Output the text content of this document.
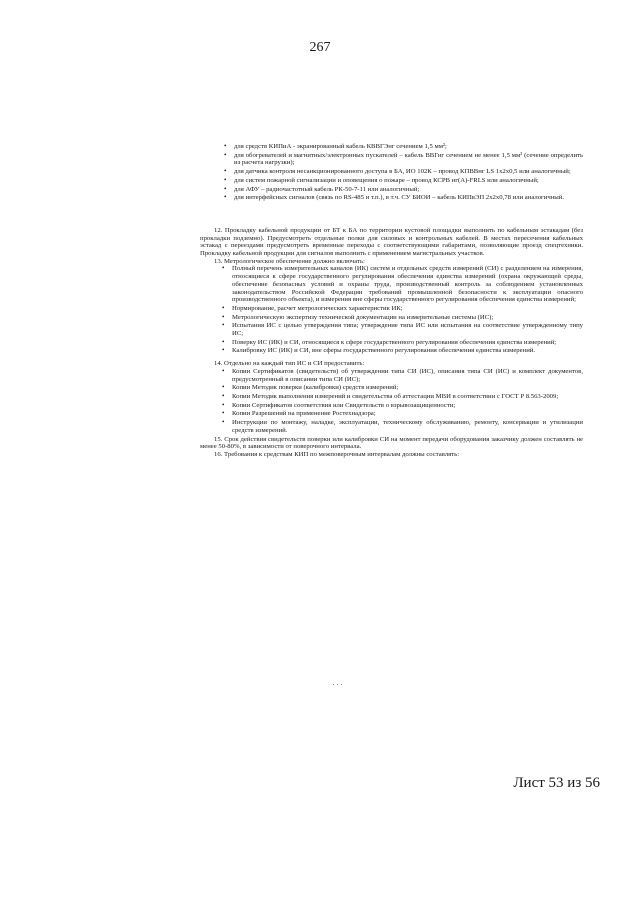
267
• для средств КИПиА - экранированный кабель КВВГЭнг сечением 1,5 мм²;
• для обогревателей и магнитных/электронных пускателей – кабель ВВГнг сечением не менее 1,5 мм² (сечение определить из расчета нагрузки);
• для датчика контроля несанкционированного доступа в БА, ИО 102К – провод КПВВнг LS 1х2х0,5 или аналогичный;
• для систем пожарной сигнализации и оповещения о пожаре – провод КСРВ нг(А)-FRLS или аналогичный;
• для АФУ – радиочастотный кабель РК-50-7-11 или аналогичный;
• для интерфейсных сигналов (связь по RS-485 и т.п.), в т.ч. СУ БИОИ – кабель КИПвЭП 2х2х0,78 или аналогичный.

12. Прокладку кабельной продукции от БТ к БА по территории кустовой площадки выполнить по кабельным эстакадам (без прокладки подземно). Предусмотреть отдельные полки для силовых и контрольных кабелей. В местах пересечения кабельных эстакад с переездами предусмотреть временные переходы с соответствующими габаритами, позволяющие проезд спецтехники. Прокладку кабельной продукции для сигналов выполнить с применением магистральных участков.

13. Метрологическое обеспечение должно включать:

• Полный перечень измерительных каналов (ИК) систем и отдельных средств измерений (СИ) с разделением на измерения, относящиеся к сфере государственного регулирования обеспечения единства измерений (охрана окружающей среды, обеспечение безопасных условий и охраны труда, производственный контроль за соблюдением установленных законодательством Российской Федерации требований промышленной безопасности к эксплуатации опасного производственного объекта), и измерения вне сферы государственного регулирования обеспечения единства измерений;
• Нормирование, расчет метрологических характеристик ИК;
• Метрологическую экспертизу технической документации на измерительные системы (ИС);
• Испытания ИС с целью утверждения типа; утверждение типа ИС или испытания на соответствие утвержденному типу ИС;
• Поверку ИС (ИК) и СИ, относящиеся к сфере государственного регулирования обеспечения единства измерений;
• Калибровку ИС (ИК) и СИ, вне сферы государственного регулирования обеспечения единства измерений.

14. Отдельно на каждый тип ИС и СИ предоставить:

• Копии Сертификатов (свидетельств) об утверждении типа СИ (ИС), описания типа СИ (ИС) и комплект документов, предусмотренный в описании типа СИ (ИС);
• Копии Методик поверки (калибровки) средств измерений;
• Копии Методик выполнения измерений и свидетельства об аттестации МВИ в соответствии с ГОСТ Р 8.563-2009;
• Копии Сертификатов соответствия или Свидетельств о взрывозащищенности;
• Копии Разрешений на применение Ростехнадзора;
• Инструкции по монтажу, наладке, эксплуатации, техническому обслуживанию, ремонту, консервации и утилизации средств измерений.

15. Срок действия свидетельств поверки или калибровки СИ на момент передачи оборудования заказчику должен составлять не менее 50-80%, в зависимости от поверочного интервала.

16. Требования к средствам КИП по межповерочным интервалам должны составлять:

Лист 53 из 56
